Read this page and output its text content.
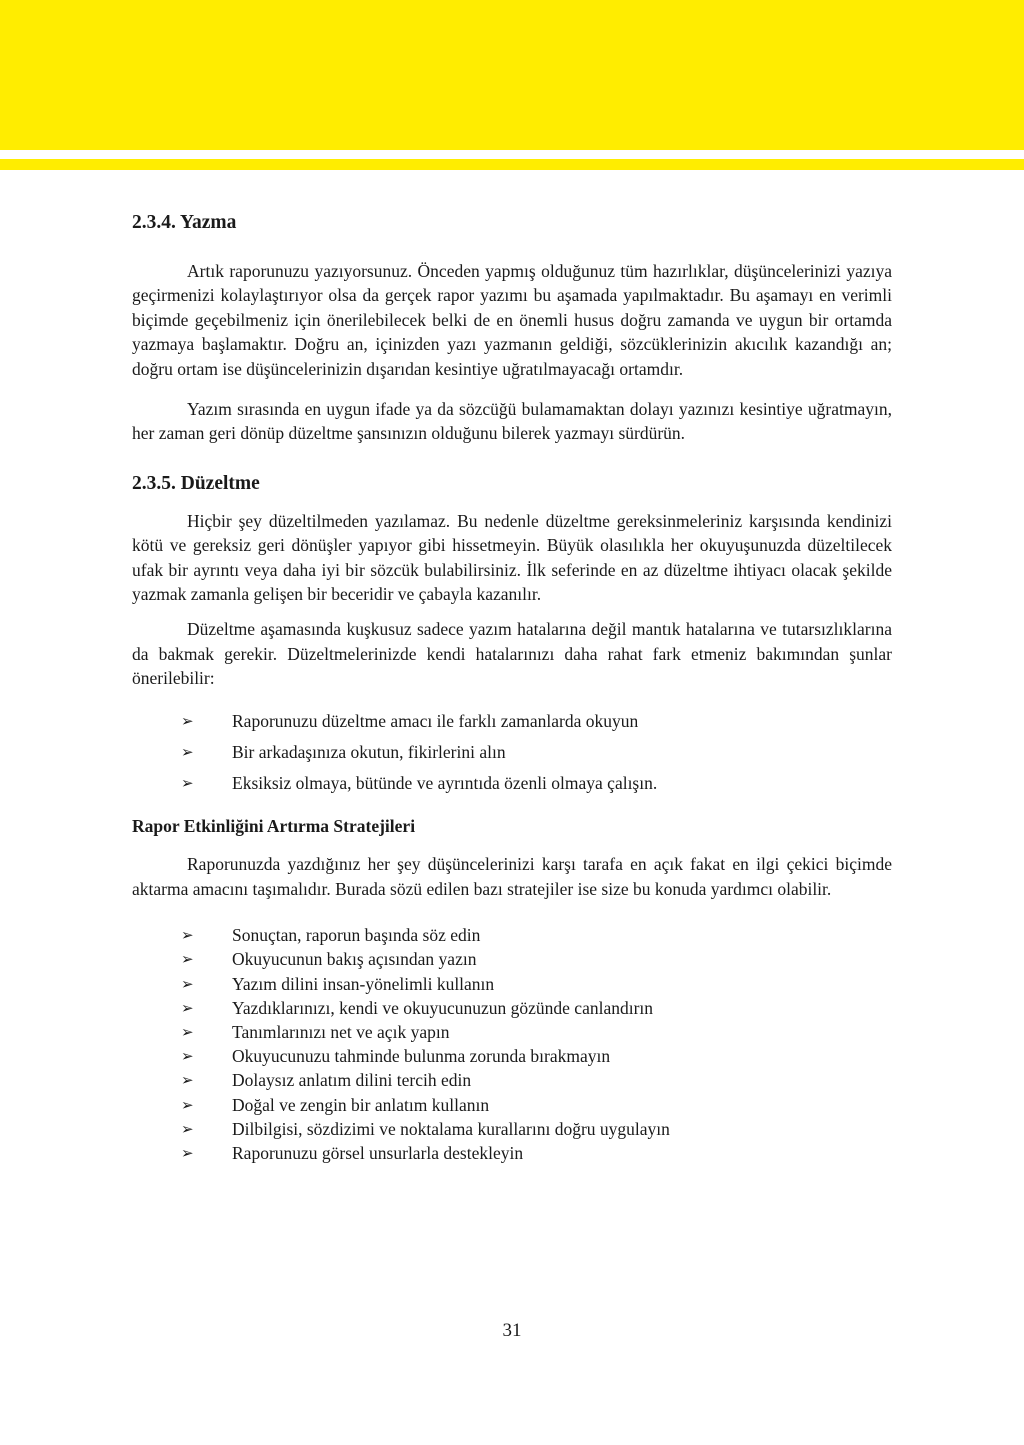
2.3.4. Yazma

Artık raporunuzu yazıyorsunuz. Önceden yapmış olduğunuz tüm hazırlıklar, düşüncelerinizi yazıya geçirmenizi kolaylaştırıyor olsa da gerçek rapor yazımı bu aşamada yapılmaktadır. Bu aşamayı en verimli biçimde geçebilmeniz için önerilebilecek belki de en önemli husus doğru zamanda ve uygun bir ortamda yazmaya başlamaktır. Doğru an, içinizden yazı yazmanın geldiği, sözcüklerinizin akıcılık kazandığı an; doğru ortam ise düşüncelerinizin dışarıdan kesintiye uğratılmayacağı ortamdır.

Yazım sırasında en uygun ifade ya da sözcüğü bulamamaktan dolayı yazınızı kesintiye uğratmayın, her zaman geri dönüp düzeltme şansınızın olduğunu bilerek yazmayı sürdürün.

2.3.5. Düzeltme

Hiçbir şey düzeltilmeden yazılamaz. Bu nedenle düzeltme gereksinmeleriniz karşısında kendinizi kötü ve gereksiz geri dönüşler yapıyor gibi hissetmeyin. Büyük olasılıkla her okuyuşunuzda düzeltilecek ufak bir ayrıntı veya daha iyi bir sözcük bulabilirsiniz. İlk seferinde en az düzeltme ihtiyacı olacak şekilde yazmak zamanla gelişen bir beceridir ve çabayla kazanılır.

Düzeltme aşamasında kuşkusuz sadece yazım hatalarına değil mantık hatalarına ve tutarsızlıklarına da bakmak gerekir. Düzeltmelerinizde kendi hatalarınızı daha rahat fark etmeniz bakımından şunlar önerilebilir:

➢ Raporunuzu düzeltme amacı ile farklı zamanlarda okuyun
➢ Bir arkadaşınıza okutun, fikirlerini alın
➢ Eksiksiz olmaya, bütünde ve ayrıntıda özenli olmaya çalışın.
Rapor Etkinliğini Artırma Stratejileri

Raporunuzda yazdığınız her şey düşüncelerinizi karşı tarafa en açık fakat en ilgi çekici biçimde aktarma amacını taşımalıdır. Burada sözü edilen bazı stratejiler ise size bu konuda yardımcı olabilir.

➢ Sonuçtan, raporun başında söz edin
➢ Okuyucunun bakış açısından yazın
➢ Yazım dilini insan-yönelimli kullanın
➢ Yazdıklarınızı, kendi ve okuyucunuzun gözünde canlandırın
➢ Tanımlarınızı net ve açık yapın
➢ Okuyucunuzu tahminde bulunma zorunda bırakmayın
➢ Dolaysız anlatım dilini tercih edin
➢ Doğal ve zengin bir anlatım kullanın
➢ Dilbilgisi, sözdizimi ve noktalama kurallarını doğru uygulayın
➢ Raporunuzu görsel unsurlarla destekleyin
31
